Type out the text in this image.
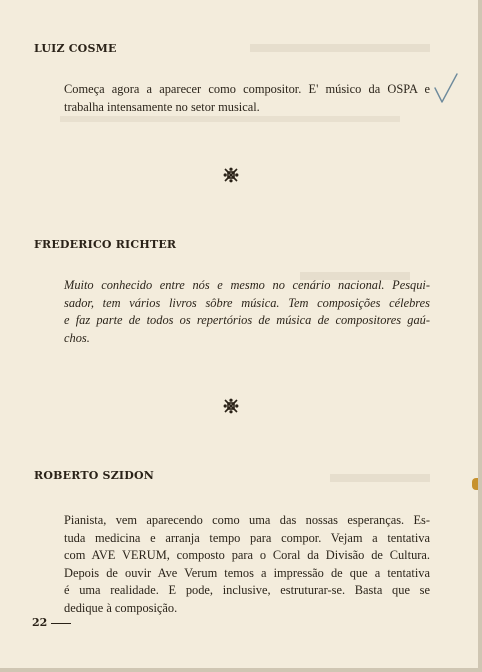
LUIZ COSME
Começa agora a aparecer como compositor. E' músico da OSPA e
trabalha intensamente no setor musical.
FREDERICO RICHTER
Muito conhecido entre nós e mesmo no cenário nacional. Pesqui-
sador, tem vários livros sôbre música. Tem composições célebres
e faz parte de todos os repertórios de música de compositores gaú-
chos.
ROBERTO SZIDON
Pianista, vem aparecendo como uma das nossas esperanças. Es-
tuda medicina e arranja tempo para compor. Vejam a tentativa
com AVE VERUM, composto para o Coral da Divisão de Cultura.
Depois de ouvir Ave Verum temos a impressão de que a tentativa
é uma realidade. E pode, inclusive, estruturar-se. Basta que se
dedique à composição.

22
